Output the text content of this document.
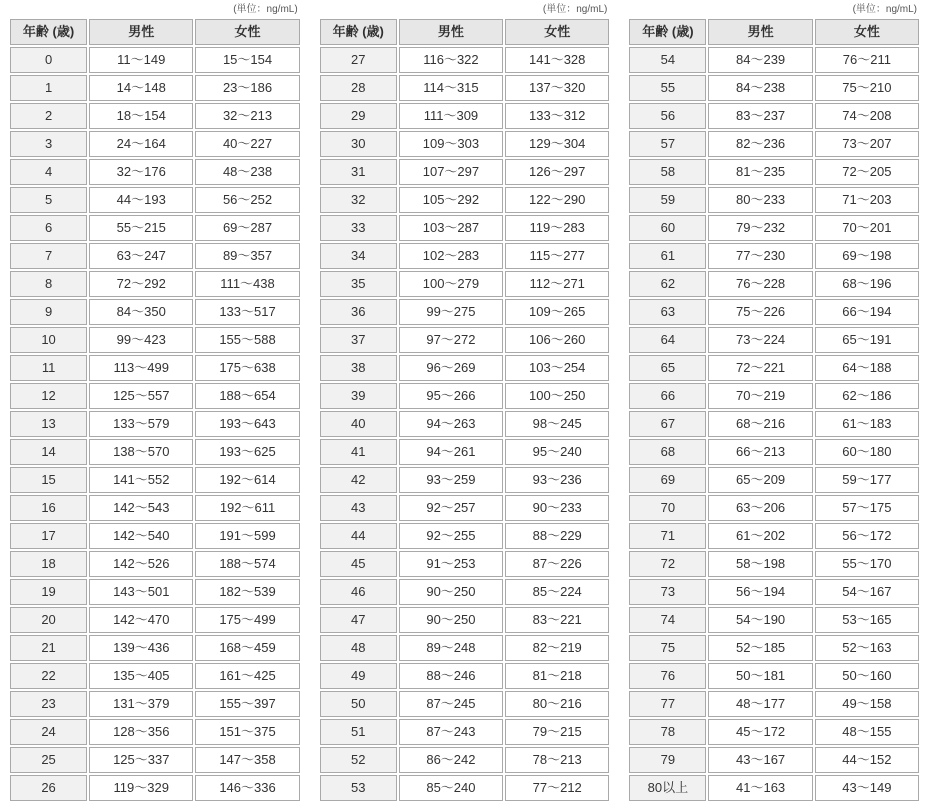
(単位：ng/mL)
年齢 (歳)	男性	女性
0	11〜149	15〜154
1	14〜148	23〜186
2	18〜154	32〜213
3	24〜164	40〜227
4	32〜176	48〜238
5	44〜193	56〜252
6	55〜215	69〜287
7	63〜247	89〜357
8	72〜292	111〜438
9	84〜350	133〜517
10	99〜423	155〜588
11	113〜499	175〜638
12	125〜557	188〜654
13	133〜579	193〜643
14	138〜570	193〜625
15	141〜552	192〜614
16	142〜543	192〜611
17	142〜540	191〜599
18	142〜526	188〜574
19	143〜501	182〜539
20	142〜470	175〜499
21	139〜436	168〜459
22	135〜405	161〜425
23	131〜379	155〜397
24	128〜356	151〜375
25	125〜337	147〜358
26	119〜329	146〜336
(単位：ng/mL)
年齢 (歳)	男性	女性
27	116〜322	141〜328
28	114〜315	137〜320
29	111〜309	133〜312
30	109〜303	129〜304
31	107〜297	126〜297
32	105〜292	122〜290
33	103〜287	119〜283
34	102〜283	115〜277
35	100〜279	112〜271
36	99〜275	109〜265
37	97〜272	106〜260
38	96〜269	103〜254
39	95〜266	100〜250
40	94〜263	98〜245
41	94〜261	95〜240
42	93〜259	93〜236
43	92〜257	90〜233
44	92〜255	88〜229
45	91〜253	87〜226
46	90〜250	85〜224
47	90〜250	83〜221
48	89〜248	82〜219
49	88〜246	81〜218
50	87〜245	80〜216
51	87〜243	79〜215
52	86〜242	78〜213
53	85〜240	77〜212
(単位：ng/mL)
年齢 (歳)	男性	女性
54	84〜239	76〜211
55	84〜238	75〜210
56	83〜237	74〜208
57	82〜236	73〜207
58	81〜235	72〜205
59	80〜233	71〜203
60	79〜232	70〜201
61	77〜230	69〜198
62	76〜228	68〜196
63	75〜226	66〜194
64	73〜224	65〜191
65	72〜221	64〜188
66	70〜219	62〜186
67	68〜216	61〜183
68	66〜213	60〜180
69	65〜209	59〜177
70	63〜206	57〜175
71	61〜202	56〜172
72	58〜198	55〜170
73	56〜194	54〜167
74	54〜190	53〜165
75	52〜185	52〜163
76	50〜181	50〜160
77	48〜177	49〜158
78	45〜172	48〜155
79	43〜167	44〜152
80以上	41〜163	43〜149
